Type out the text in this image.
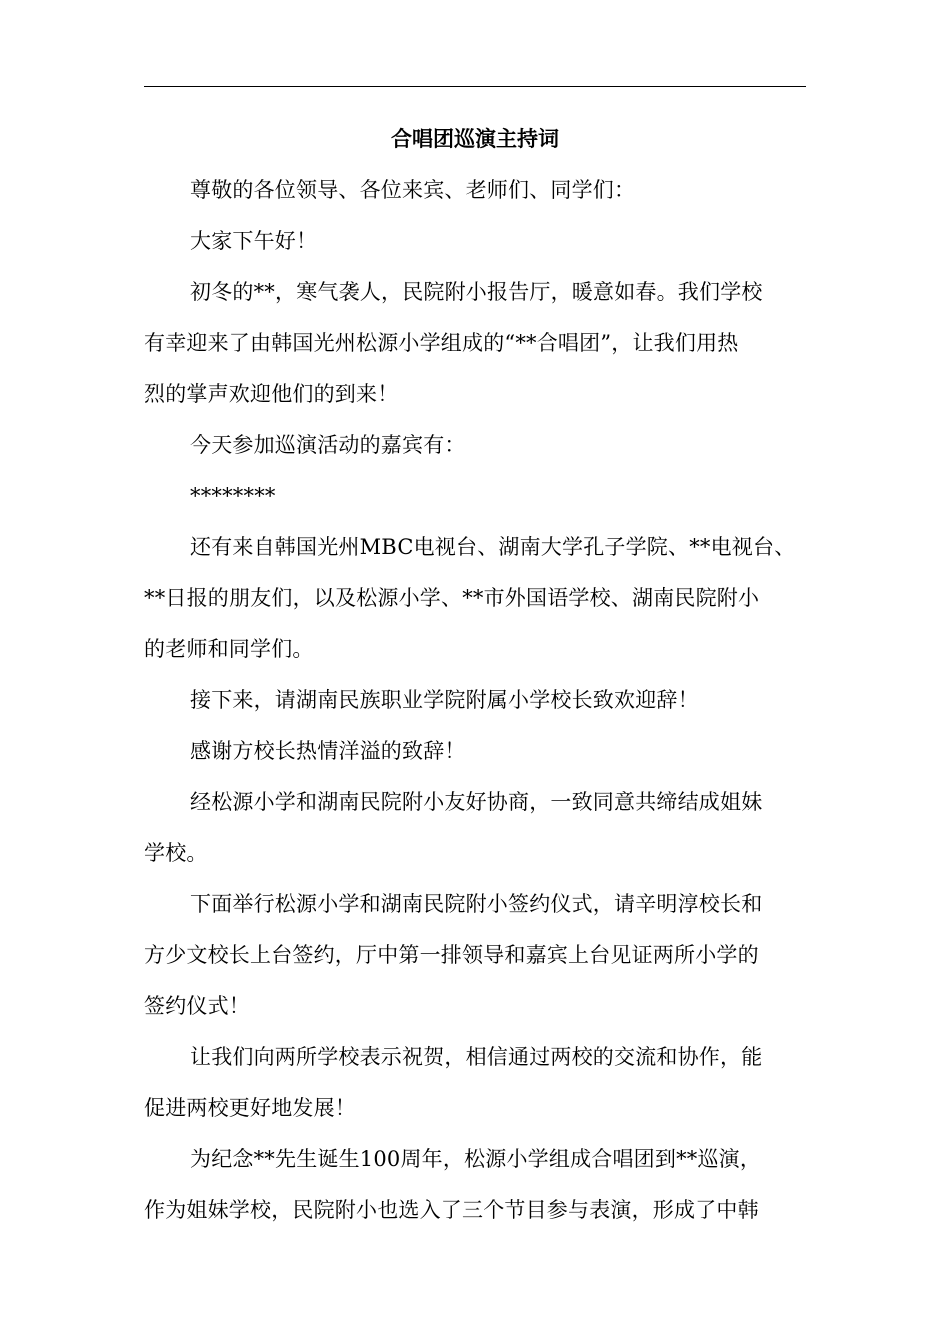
合唱团巡演主持词
尊敬的各位领导、各位来宾、老师们、同学们：
大家下午好！
初冬的**，寒气袭人，民院附小报告厅，暖意如春。我们学校
有幸迎来了由韩国光州松源小学组成的“**合唱团”，让我们用热
烈的掌声欢迎他们的到来！
今天参加巡演活动的嘉宾有：
********
还有来自韩国光州MBC电视台、湖南大学孔子学院、**电视台、
**日报的朋友们，以及松源小学、**市外国语学校、湖南民院附小
的老师和同学们。
接下来，请湖南民族职业学院附属小学校长致欢迎辞！
感谢方校长热情洋溢的致辞！
经松源小学和湖南民院附小友好协商，一致同意共缔结成姐妹
学校。
下面举行松源小学和湖南民院附小签约仪式，请辛明淳校长和
方少文校长上台签约，厅中第一排领导和嘉宾上台见证两所小学的
签约仪式！
让我们向两所学校表示祝贺，相信通过两校的交流和协作，能
促进两校更好地发展！
为纪念**先生诞生100周年，松源小学组成合唱团到**巡演，
作为姐妹学校，民院附小也选入了三个节目参与表演，形成了中韩
